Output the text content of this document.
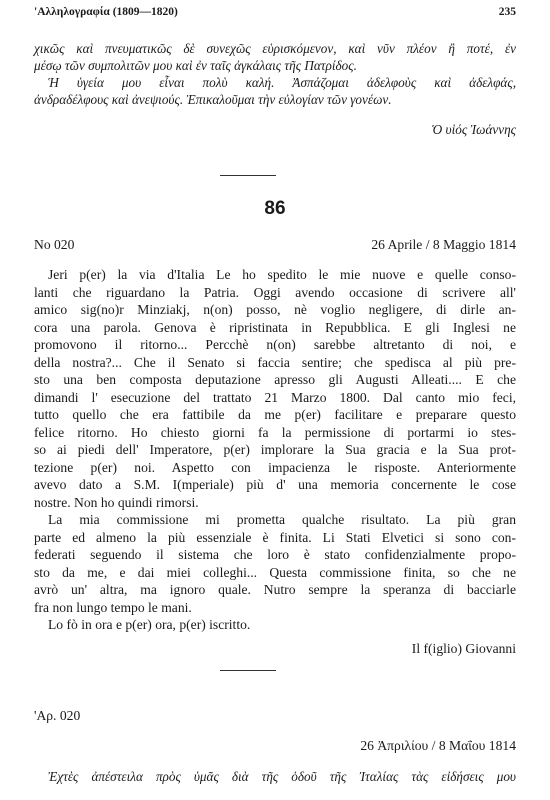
'Αλληλογραφία (1809—1820)	235
χικῶς καὶ πνευματικῶς δὲ συνεχῶς εὑρισκόμενον, καὶ νῦν πλέον ἢ ποτέ, ἐν
μέσῳ τῶν συμπολιτῶν μου καὶ ἐν ταῖς ἀγκάλαις τῆς Πατρίδος.
Ἡ ὑγεία μου εἶναι πολὺ καλή. Ἀσπάζομαι ἀδελφοὺς καὶ ἀδελφάς,
ἀνδραδέλφους καὶ ἀνεψιούς. Ἐπικαλοῦμαι τὴν εὐλογίαν τῶν γονέων.
Ὁ υἱός Ἰωάννης
86
No 020	26 Aprile / 8 Maggio 1814
Jeri p(er) la via d'Italia Le ho spedito le mie nuove e quelle conso-
lanti che riguardano la Patria. Oggi avendo occasione di scrivere all'
amico sig(no)r Minziakj, n(on) posso, nè voglio negligere, di dirle an-
cora una parola. Genova è ripristinata in Repubblica. E gli Inglesi ne
promovono il ritorno... Percchè n(on) sarebbe altretanto di noi, e
della nostra?... Che il Senato si faccia sentire; che spedisca al più pre-
sto una ben composta deputazione apresso gli Augusti Alleati.... E che
dimandi l' esecuzione del trattato 21 Marzo 1800. Dal canto mio feci,
tutto quello che era fattibile da me p(er) facilitare e preparare questo
felice ritorno. Ho chiesto giorni fa la permissione di portarmi io stes-
so ai piedi dell' Imperatore, p(er) implorare la Sua gracia e la Sua prot-
tezione p(er) noi. Aspetto con impacienza le risposte. Anteriormente
avevo dato a S.M. I(mperiale) più d' una memoria concernente le cose
nostre. Non ho quindi rimorsi.
La mia commissione mi prometta qualche risultato. La più gran
parte ed almeno la più essenziale è finita. Li Stati Elvetici si sono con-
federati seguendo il sistema che loro è stato confidenzialmente propo-
sto da me, e dai miei colleghi... Questa commissione finita, so che ne
avrò un' altra, ma ignoro quale. Nutro sempre la speranza di bacciarle
fra non lungo tempo le mani.
Lo fò in ora e p(er) ora, p(er) iscritto.
Il f(iglio) Giovanni
'Αρ. 020
26 Ἀπριλίου / 8 Μαΐου 1814
Ἐχτὲς ἀπέστειλα πρὸς ὑμᾶς διὰ τῆς ὁδοῦ τῆς Ἰταλίας τὰς εἰδήσεις μου
